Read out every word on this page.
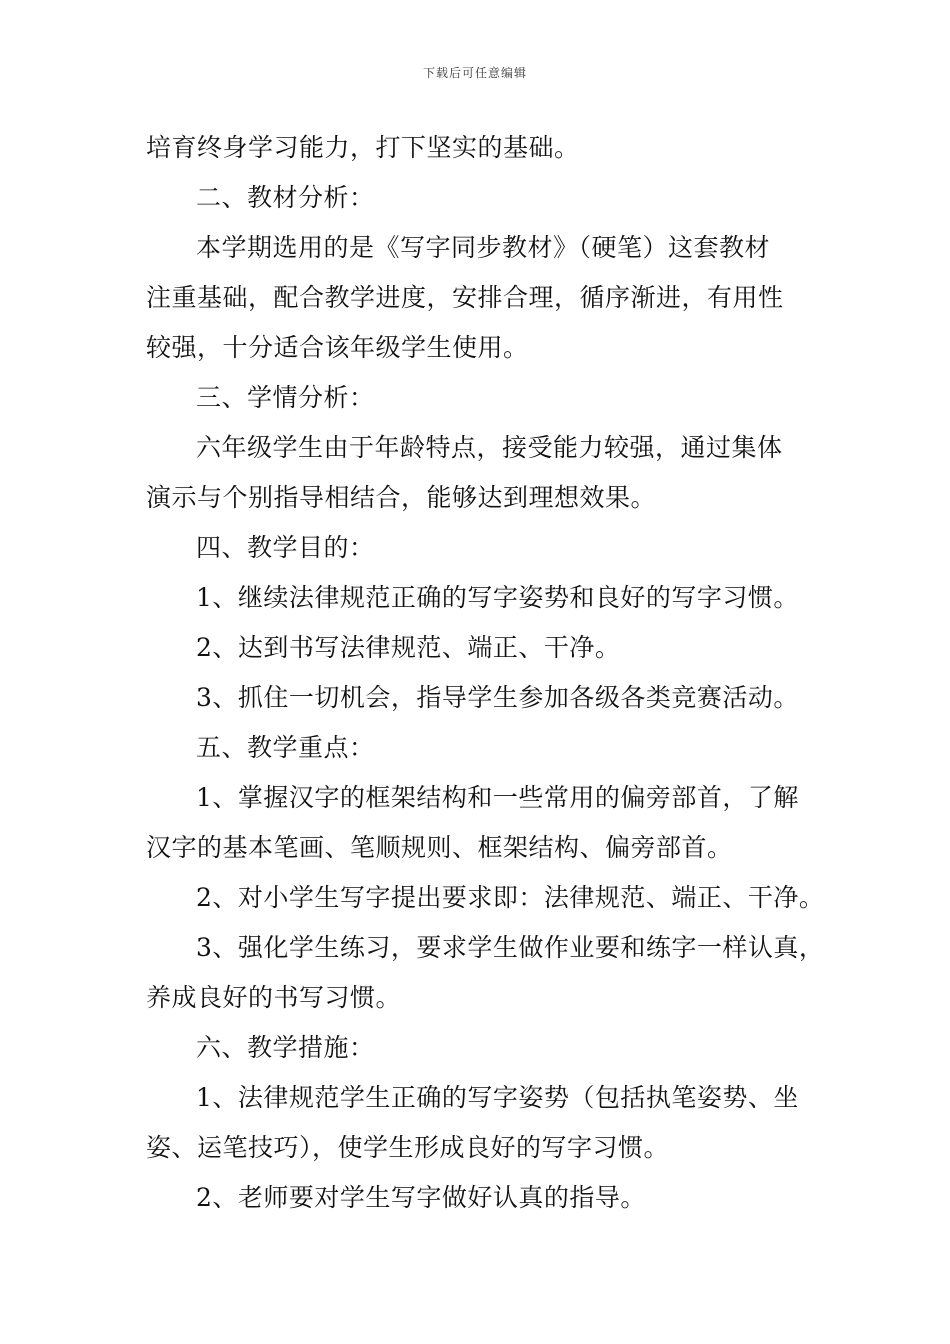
下载后可任意编辑
培育终身学习能力，打下坚实的基础。
二、教材分析：
本学期选用的是《写字同步教材》（硬笔）这套教材
注重基础，配合教学进度，安排合理，循序渐进，有用性
较强，十分适合该年级学生使用。
三、学情分析：
六年级学生由于年龄特点，接受能力较强，通过集体
演示与个别指导相结合，能够达到理想效果。
四、教学目的：
1、继续法律规范正确的写字姿势和良好的写字习惯。
2、达到书写法律规范、端正、干净。
3、抓住一切机会，指导学生参加各级各类竞赛活动。
五、教学重点：
1、掌握汉字的框架结构和一些常用的偏旁部首，了解
汉字的基本笔画、笔顺规则、框架结构、偏旁部首。
2、对小学生写字提出要求即：法律规范、端正、干净。
3、强化学生练习，要求学生做作业要和练字一样认真，
养成良好的书写习惯。
六、教学措施：
1、法律规范学生正确的写字姿势（包括执笔姿势、坐
姿、运笔技巧），使学生形成良好的写字习惯。
2、老师要对学生写字做好认真的指导。
